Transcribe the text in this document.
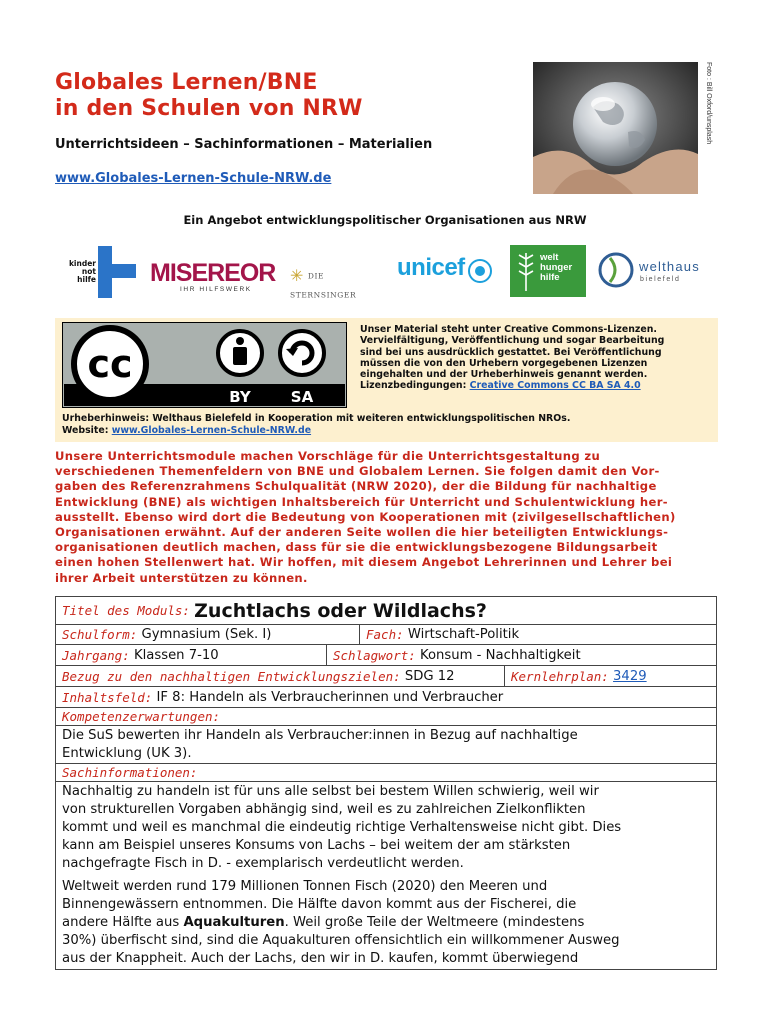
Globales Lernen/BNE
in den Schulen von NRW
Unterrichtsideen – Sachinformationen – Materialien
www.Globales-Lernen-Schule-NRW.de
Foto : Bill Oxford/unsplash
Ein Angebot entwicklungspolitischer Organisationen aus NRW
kinder
not
hilfe MISEREOR
IHR HILFSWERK
✳ DIE STERNSINGER
unicef	welt
hunger
hilfe
welthaus
bielefeld
cc
BY	SA
Unser Material steht unter Creative Commons-Lizenzen.
Vervielfältigung, Veröffentlichung und sogar Bearbeitung
sind bei uns ausdrücklich gestattet. Bei Veröffentlichung
müssen die von den Urhebern vorgegebenen Lizenzen
eingehalten und der Urheberhinweis genannt werden.
Lizenzbedingungen: Creative Commons CC BA SA 4.0
Urheberhinweis: Welthaus Bielefeld in Kooperation mit weiteren entwicklungspolitischen NROs.
Website: www.Globales-Lernen-Schule-NRW.de
Unsere Unterrichtsmodule machen Vorschläge für die Unterrichtsgestaltung zu
verschiedenen Themenfeldern von BNE und Globalem Lernen. Sie folgen damit den Vor-
gaben des Referenzrahmens Schulqualität (NRW 2020), der die Bildung für nachhaltige
Entwicklung (BNE) als wichtigen Inhaltsbereich für Unterricht und Schulentwicklung her-
ausstellt. Ebenso wird dort die Bedeutung von Kooperationen mit (zivilgesellschaftlichen)
Organisationen erwähnt. Auf der anderen Seite wollen die hier beteiligten Entwicklungs-
organisationen deutlich machen, dass für sie die entwicklungsbezogene Bildungsarbeit
einen hohen Stellenwert hat. Wir hoffen, mit diesem Angebot Lehrerinnen und Lehrer bei
ihrer Arbeit unterstützen zu können.
Titel des Moduls:
Zuchtlachs oder Wildlachs?
Schulform:
Gymnasium (Sek. I)	Fach:
Wirtschaft-Politik
Jahrgang:
Klassen 7-10	Schlagwort:
Konsum - Nachhaltigkeit
Bezug zu den nachhaltigen Entwicklungszielen:
SDG 12	Kernlehrplan:
3429
Inhaltsfeld:
IF 8: Handeln als Verbraucherinnen und Verbraucher
Kompetenzerwartungen:
Die SuS bewerten ihr Handeln als Verbraucher:innen in Bezug auf nachhaltige
Entwicklung (UK 3).
Sachinformationen:
Nachhaltig zu handeln ist für uns alle selbst bei bestem Willen schwierig, weil wir
von strukturellen Vorgaben abhängig sind, weil es zu zahlreichen Zielkonflikten
kommt und weil es manchmal die eindeutig richtige Verhaltensweise nicht gibt. Dies
kann am Beispiel unseres Konsums von Lachs – bei weitem der am stärksten
nachgefragte Fisch in D. - exemplarisch verdeutlicht werden.
Weltweit werden rund 179 Millionen Tonnen Fisch (2020) den Meeren und
Binnengewässern entnommen. Die Hälfte davon kommt aus der Fischerei, die
andere Hälfte aus Aquakulturen. Weil große Teile der Weltmeere (mindestens
30%) überfischt sind, sind die Aquakulturen offensichtlich ein willkommener Ausweg
aus der Knappheit. Auch der Lachs, den wir in D. kaufen, kommt überwiegend
